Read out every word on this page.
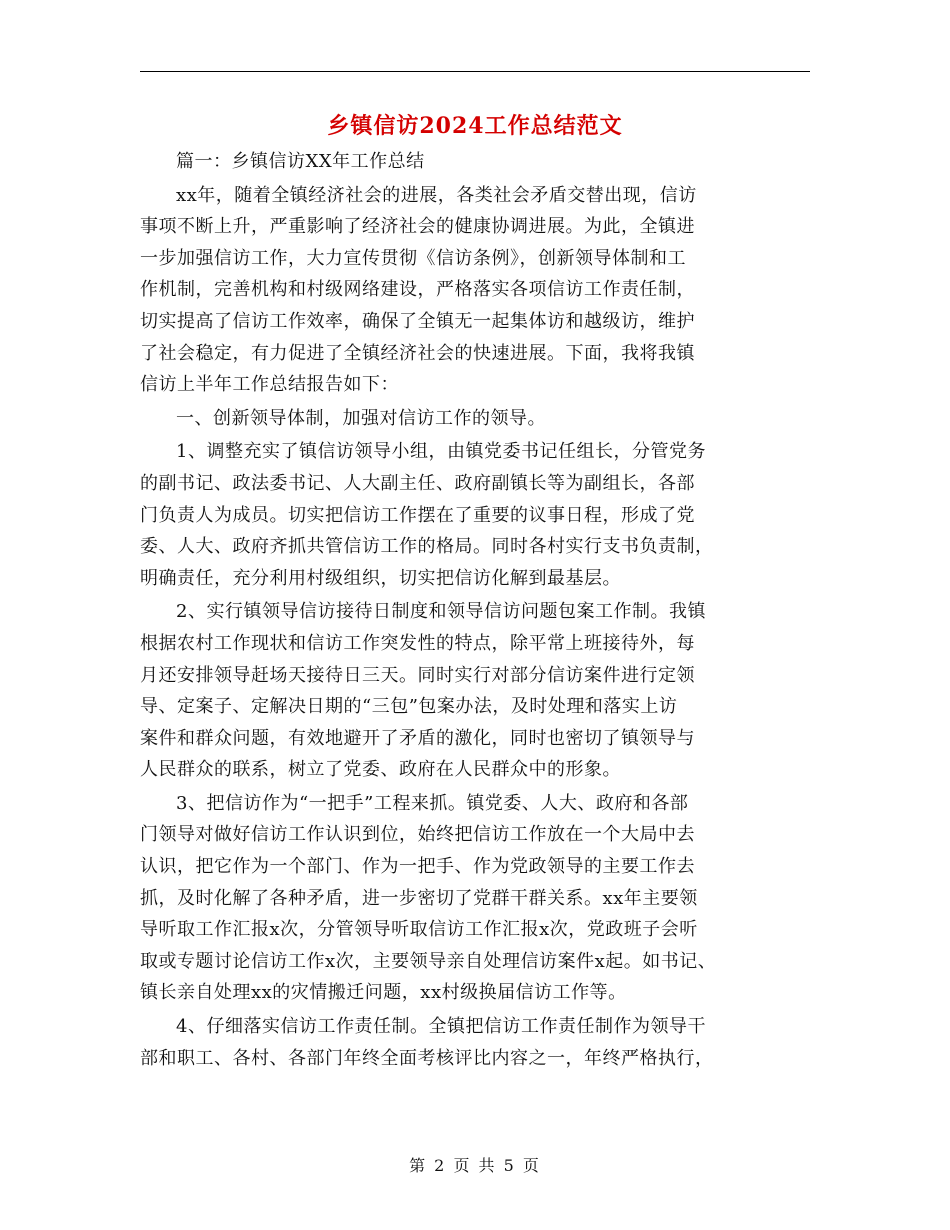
乡镇信访2024工作总结范文
篇一：乡镇信访XX年工作总结
xx年，随着全镇经济社会的进展，各类社会矛盾交替出现，信访
事项不断上升，严重影响了经济社会的健康协调进展。为此，全镇进
一步加强信访工作，大力宣传贯彻《信访条例》，创新领导体制和工
作机制，完善机构和村级网络建设，严格落实各项信访工作责任制，
切实提高了信访工作效率，确保了全镇无一起集体访和越级访，维护
了社会稳定，有力促进了全镇经济社会的快速进展。下面，我将我镇
信访上半年工作总结报告如下：
一、创新领导体制，加强对信访工作的领导。
1、调整充实了镇信访领导小组，由镇党委书记任组长，分管党务
的副书记、政法委书记、人大副主任、政府副镇长等为副组长，各部
门负责人为成员。切实把信访工作摆在了重要的议事日程，形成了党
委、人大、政府齐抓共管信访工作的格局。同时各村实行支书负责制，
明确责任，充分利用村级组织，切实把信访化解到最基层。
2、实行镇领导信访接待日制度和领导信访问题包案工作制。我镇
根据农村工作现状和信访工作突发性的特点，除平常上班接待外，每
月还安排领导赶场天接待日三天。同时实行对部分信访案件进行定领
导、定案子、定解决日期的“三包”包案办法，及时处理和落实上访
案件和群众问题，有效地避开了矛盾的激化，同时也密切了镇领导与
人民群众的联系，树立了党委、政府在人民群众中的形象。
3、把信访作为“一把手”工程来抓。镇党委、人大、政府和各部
门领导对做好信访工作认识到位，始终把信访工作放在一个大局中去
认识，把它作为一个部门、作为一把手、作为党政领导的主要工作去
抓，及时化解了各种矛盾，进一步密切了党群干群关系。xx年主要领
导听取工作汇报x次，分管领导听取信访工作汇报x次，党政班子会听
取或专题讨论信访工作x次，主要领导亲自处理信访案件x起。如书记、
镇长亲自处理xx的灾情搬迁问题，xx村级换届信访工作等。
4、仔细落实信访工作责任制。全镇把信访工作责任制作为领导干
部和职工、各村、各部门年终全面考核评比内容之一，年终严格执行，
第 2 页 共 5 页
